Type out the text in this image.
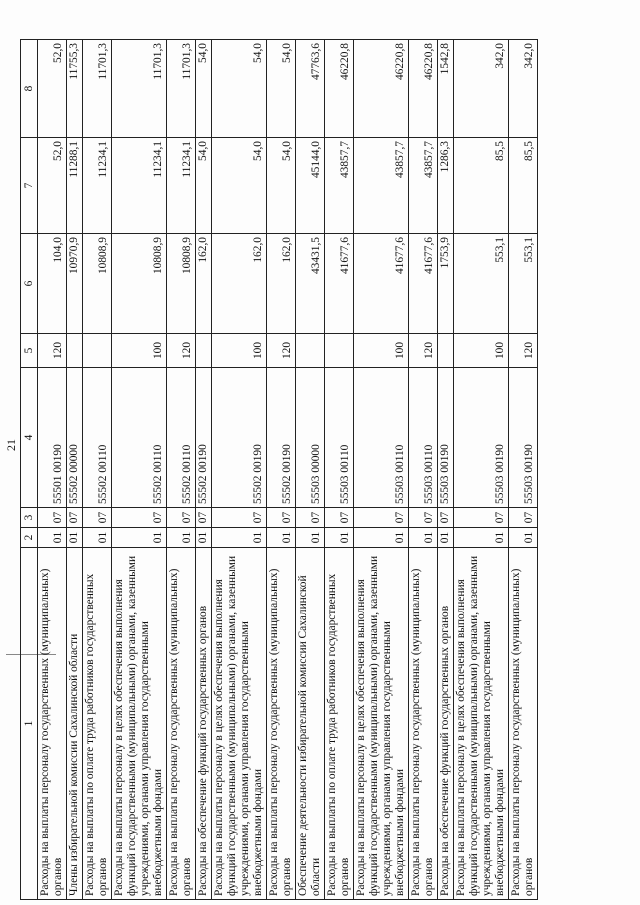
21
1	2	3	4	5	6	7	8
Расходы на выплаты персоналу государственных (муниципальных) органов	01	07	55501 00190	120	104,0	52,0	52,0
Члены избирательной комиссии Сахалинской области	01	07	55502 00000		10970,9	11288,1	11755,3
Расходы на выплаты по оплате труда работников государственных органов	01	07	55502 00110		10808,9	11234,1	11701,3
Расходы на выплаты персоналу в целях обеспечения выполнения функций государственными (муниципальными) органами, казенными учреждениями, органами управления государственными внебюджетными фондами	01	07	55502 00110	100	10808,9	11234,1	11701,3
Расходы на выплаты персоналу государственных (муниципальных) органов	01	07	55502 00110	120	10808,9	11234,1	11701,3
Расходы на обеспечение функций государственных органов	01	07	55502 00190		162,0	54,0	54,0
Расходы на выплаты персоналу в целях обеспечения выполнения функций государственными (муниципальными) органами, казенными учреждениями, органами управления государственными внебюджетными фондами	01	07	55502 00190	100	162,0	54,0	54,0
Расходы на выплаты персоналу государственных (муниципальных) органов	01	07	55502 00190	120	162,0	54,0	54,0
Обеспечение деятельности избирательной комиссии Сахалинской области	01	07	55503 00000		43431,5	45144,0	47763,6
Расходы на выплаты по оплате труда работников государственных органов	01	07	55503 00110		41677,6	43857,7	46220,8
Расходы на выплаты персоналу в целях обеспечения выполнения функций государственными (муниципальными) органами, казенными учреждениями, органами управления государственными внебюджетными фондами	01	07	55503 00110	100	41677,6	43857,7	46220,8
Расходы на выплаты персоналу государственных (муниципальных) органов	01	07	55503 00110	120	41677,6	43857,7	46220,8
Расходы на обеспечение функций государственных органов	01	07	55503 00190		1753,9	1286,3	1542,8
Расходы на выплаты персоналу в целях обеспечения выполнения функций государственными (муниципальными) органами, казенными учреждениями, органами управления государственными внебюджетными фондами	01	07	55503 00190	100	553,1	85,5	342,0
Расходы на выплаты персоналу государственных (муниципальных) органов	01	07	55503 00190	120	553,1	85,5	342,0
